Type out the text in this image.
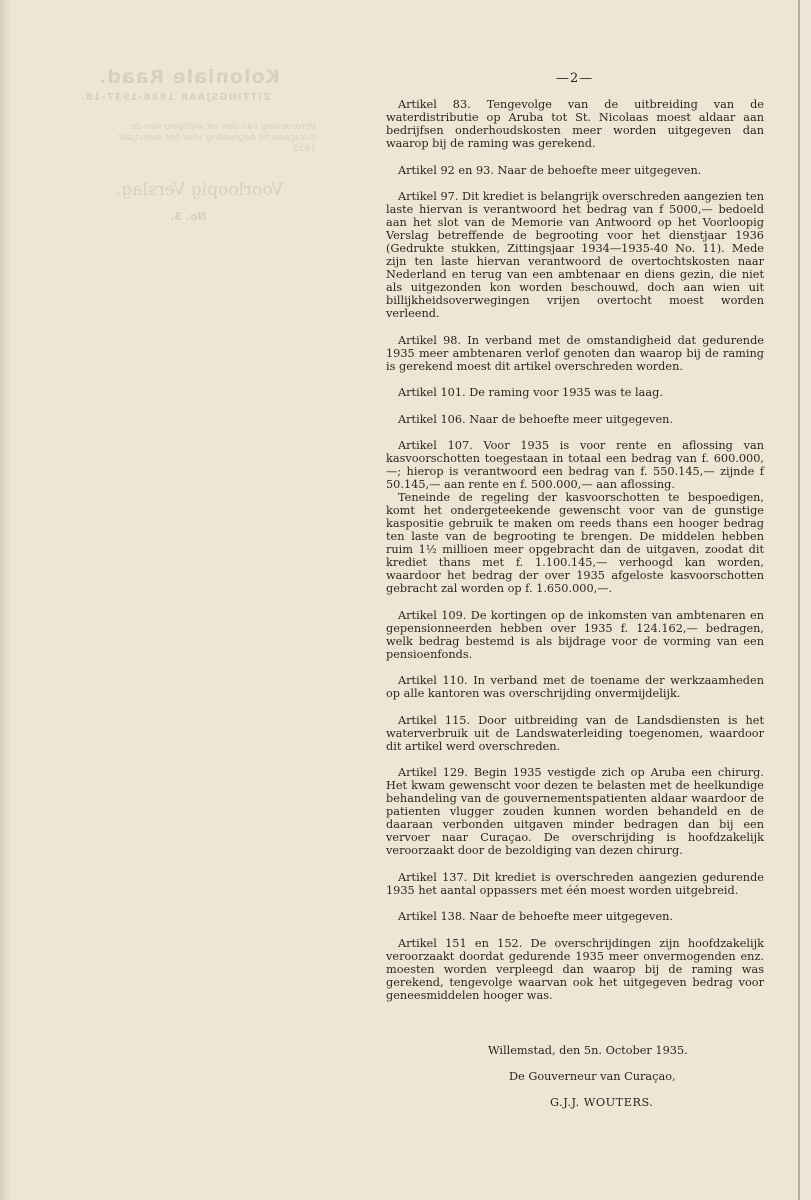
Koloniale Raad.
ZITTINGSJAAR 1936-1937-18.
Verordening van den tot wijziging van de Curaçaosche begrooting voor het dienstjaar 1935.
Voorloopig Verslag.
No. 3.
—2—

Artikel 83. Tengevolge van de uitbreiding van de waterdistributie op Aruba tot St. Nicolaas moest aldaar aan bedrijfsen onderhoudskosten meer worden uitgegeven dan waarop bij de raming was gerekend.

Artikel 92 en 93. Naar de behoefte meer uitgegeven.

Artikel 97. Dit krediet is belangrijk overschreden aangezien ten laste hiervan is verantwoord het bedrag van f 5000,— bedoeld aan het slot van de Memorie van Antwoord op het Voorloopig Verslag betreffende de begrooting voor het dienstjaar 1936 (Gedrukte stukken, Zittingsjaar 1934—1935-40 No. 11). Mede zijn ten laste hiervan verantwoord de overtochtskosten naar Nederland en terug van een ambtenaar en diens gezin, die niet als uitgezonden kon worden beschouwd, doch aan wien uit billijkheidsoverwegingen vrijen overtocht moest worden verleend.

Artikel 98. In verband met de omstandigheid dat gedurende 1935 meer ambtenaren verlof genoten dan waarop bij de raming is gerekend moest dit artikel overschreden worden.

Artikel 101. De raming voor 1935 was te laag.

Artikel 106. Naar de behoefte meer uitgegeven.

Artikel 107. Voor 1935 is voor rente en aflossing van kasvoorschotten toegestaan in totaal een bedrag van f. 600.000,—; hierop is verantwoord een bedrag van f. 550.145,— zijnde f 50.145,— aan rente en f. 500.000,— aan aflossing.

Teneinde de regeling der kasvoorschotten te bespoedigen, komt het ondergeteekende gewenscht voor van de gunstige kaspositie gebruik te maken om reeds thans een hooger bedrag ten laste van de begrooting te brengen. De middelen hebben ruim 1½ millioen meer opgebracht dan de uitgaven, zoodat dit krediet thans met f. 1.100.145,— verhoogd kan worden, waardoor het bedrag der over 1935 afgeloste kasvoorschotten gebracht zal worden op f. 1.650.000,—.

Artikel 109. De kortingen op de inkomsten van ambtenaren en gepensionneerden hebben over 1935 f. 124.162,— bedragen, welk bedrag bestemd is als bijdrage voor de vorming van een pensioenfonds.

Artikel 110. In verband met de toename der werkzaamheden op alle kantoren was overschrijding onvermijdelijk.

Artikel 115. Door uitbreiding van de Landsdiensten is het waterverbruik uit de Landswaterleiding toegenomen, waardoor dit artikel werd overschreden.

Artikel 129. Begin 1935 vestigde zich op Aruba een chirurg. Het kwam gewenscht voor dezen te belasten met de heelkundige behandeling van de gouvernementspatienten aldaar waardoor de patienten vlugger zouden kunnen worden behandeld en de daaraan verbonden uitgaven minder bedragen dan bij een vervoer naar Curaçao. De overschrijding is hoofdzakelijk veroorzaakt door de bezoldiging van dezen chirurg.

Artikel 137. Dit krediet is overschreden aangezien gedurende 1935 het aantal oppassers met één moest worden uitgebreid.

Artikel 138. Naar de behoefte meer uitgegeven.

Artikel 151 en 152. De overschrijdingen zijn hoofdzakelijk veroorzaakt doordat gedurende 1935 meer onvermogenden enz. moesten worden verpleegd dan waarop bij de raming was gerekend, tengevolge waarvan ook het uitgegeven bedrag voor geneesmiddelen hooger was.

Willemstad, den 5n. October 1935.
De Gouverneur van Curaçao,
G.J.J. WOUTERS.
